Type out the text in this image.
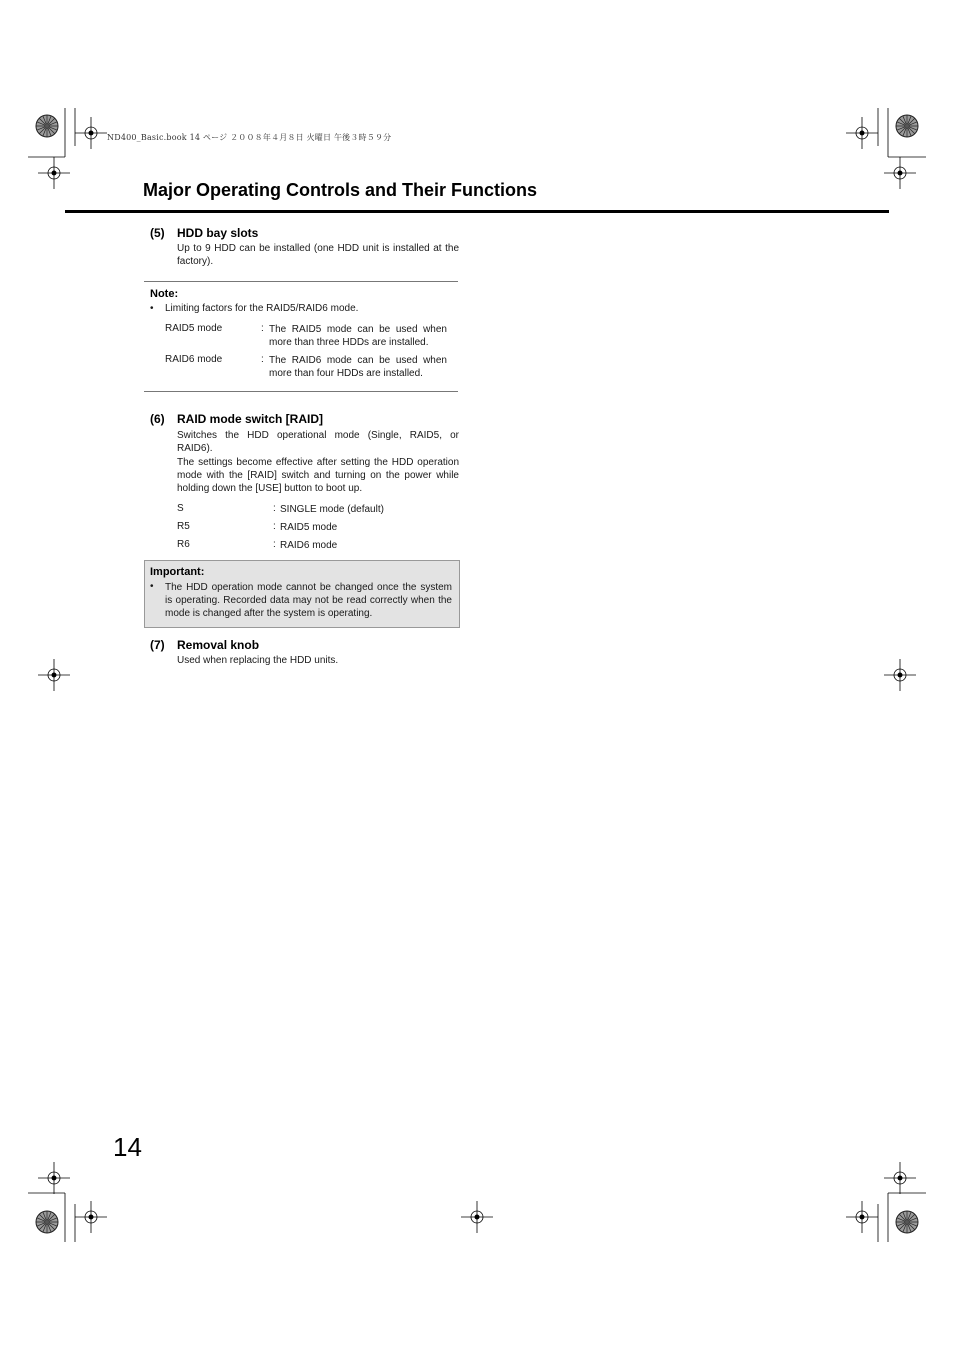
ND400_Basic.book 14 ページ ２００８年４月８日 火曜日 午後３時５９分
Major Operating Controls and Their Functions
(5) HDD bay slots
Up to 9 HDD can be installed (one HDD unit is installed at the factory).
Note:
• Limiting factors for the RAID5/RAID6 mode.
RAID5 mode	: The RAID5 mode can be used when more than three HDDs are installed.
RAID6 mode	: The RAID6 mode can be used when more than four HDDs are installed.
(6) RAID mode switch [RAID]
Switches the HDD operational mode (Single, RAID5, or RAID6).
The settings become effective after setting the HDD operation mode with the [RAID] switch and turning on the power while holding down the [USE] button to boot up.
S	: SINGLE mode (default)
R5	: RAID5 mode
R6	: RAID6 mode
Important:
• The HDD operation mode cannot be changed once the system is operating. Recorded data may not be read correctly when the mode is changed after the system is operating.
(7) Removal knob
Used when replacing the HDD units.
14
